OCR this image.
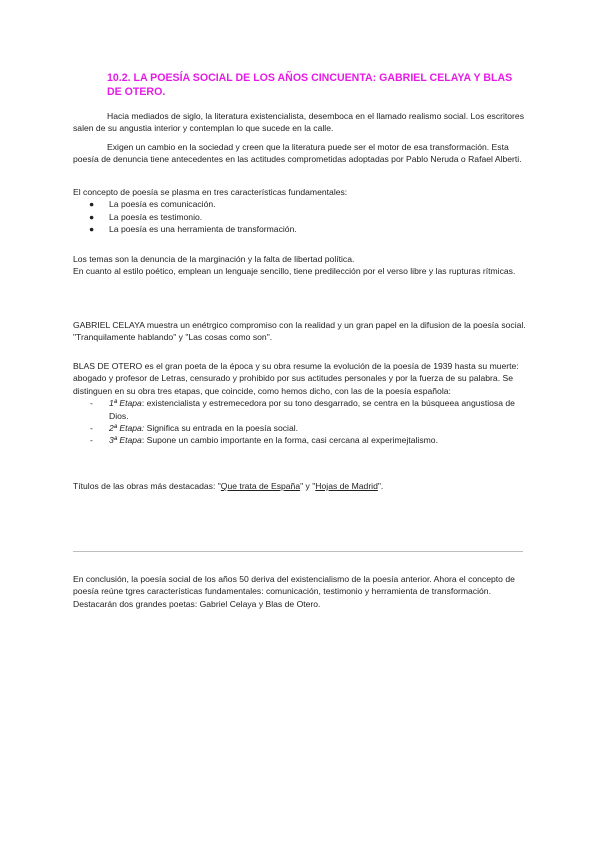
10.2. LA POESÍA SOCIAL DE LOS AÑOS CINCUENTA: GABRIEL CELAYA Y BLAS DE OTERO.
Hacia mediados de siglo, la literatura existencialista, desemboca en el llamado realismo social. Los escritores salen de su angustia interior y contemplan lo que sucede en la calle.
Exigen un cambio en la sociedad y creen que la literatura puede ser el motor de esa transformación. Esta poesía de denuncia tiene antecedentes en las actitudes comprometidas adoptadas por Pablo Neruda o Rafael Alberti.
El concepto de poesía se plasma en tres características fundamentales:
● La poesía es comunicación.
● La poesía es testimonio.
● La poesía es una herramienta de transformación.
Los temas son la denuncia de la marginación y la falta de libertad política.
En cuanto al estilo poético, emplean un lenguaje sencillo, tiene predilección por el verso libre y las rupturas rítmicas.
GABRIEL CELAYA muestra un enétrgico compromiso con la realidad y un gran papel en la difusion de la poesía social. "Tranquilamente hablando" y "Las cosas como son".
BLAS DE OTERO es el gran poeta de la época y su obra resume la evolución de la poesía de 1939 hasta su muerte: abogado y profesor de Letras, censurado y prohibido por sus actitudes personales y por la fuerza de su palabra. Se distinguen en su obra tres etapas, que coincide, como hemos dicho, con las de la poesía española:
- 1ª Etapa: existencialista y estremecedora por su tono desgarrado, se centra en la búsqueea angustiosa de Dios.
- 2ª Etapa: Significa su entrada en la poesía social.
- 3ª Etapa: Supone un cambio importante en la forma, casi cercana al experimejtalismo.
Títulos de las obras más destacadas: "Que trata de España" y "Hojas de Madrid".
En conclusión, la poesía social de los años 50 deriva del existencialismo de la poesía anterior. Ahora el concepto de poesía reúne tgres características fundamentales: comunicación, testimonio y herramienta de transformación. Destacarán dos grandes poetas: Gabriel Celaya y Blas de Otero.
